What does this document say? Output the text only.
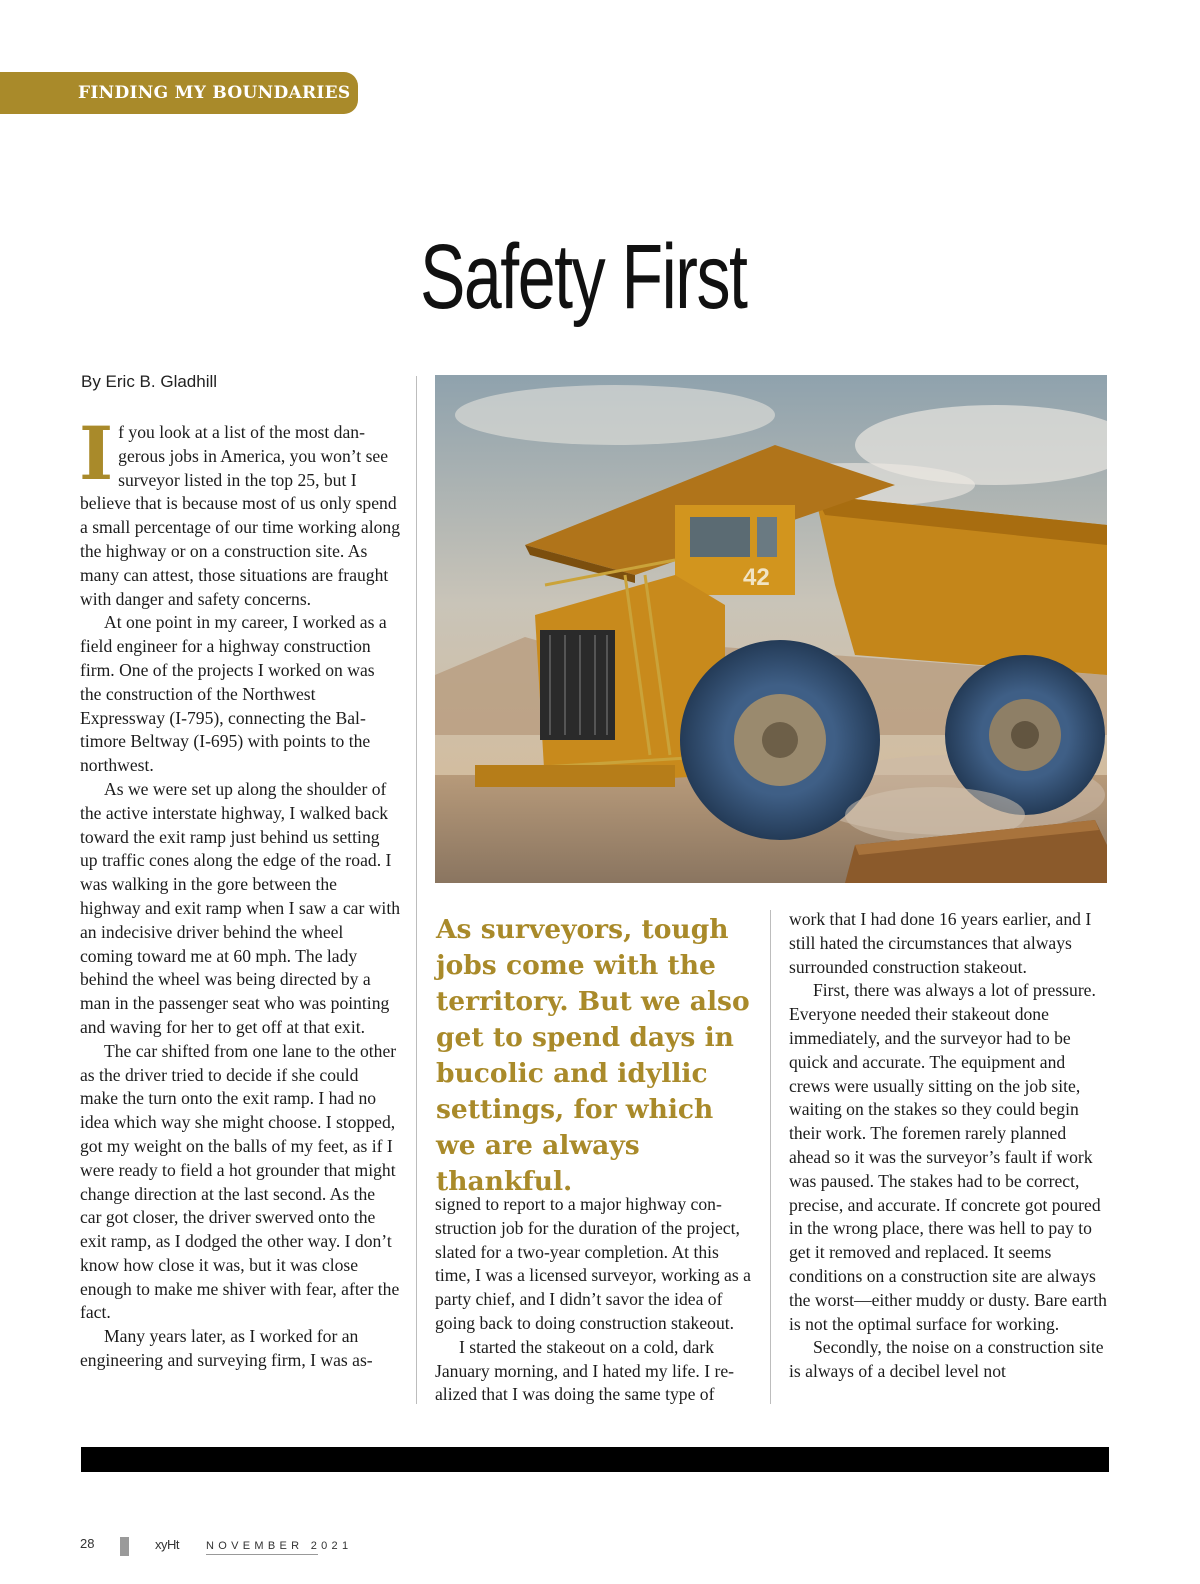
FINDING MY BOUNDARIES
Safety First
By Eric B. Gladhill

If you look at a list of the most dangerous jobs in America, you won’t see surveyor listed in the top 25, but I believe that is because most of us only spend a small percentage of our time working along the highway or on a construction site. As many can attest, those situations are fraught with danger and safety concerns.

At one point in my career, I worked as a field engineer for a highway construction firm. One of the projects I worked on was the construction of the Northwest Expressway (I-795), connecting the Baltimore Beltway (I-695) with points to the northwest.

As we were set up along the shoulder of the active interstate highway, I walked back toward the exit ramp just behind us setting up traffic cones along the edge of the road. I was walking in the gore between the highway and exit ramp when I saw a car with an indecisive driver behind the wheel coming toward me at 60 mph. The lady behind the wheel was being directed by a man in the passenger seat who was pointing and waving for her to get off at that exit.

The car shifted from one lane to the other as the driver tried to decide if she could make the turn onto the exit ramp. I had no idea which way she might choose. I stopped, got my weight on the balls of my feet, as if I were ready to field a hot grounder that might change direction at the last second. As the car got closer, the driver swerved onto the exit ramp, as I dodged the other way. I don’t know how close it was, but it was close enough to make me shiver with fear, after the fact.

Many years later, as I worked for an engineering and surveying firm, I was as-

42
As surveyors, tough jobs come with the territory. But we also get to spend days in bucolic and idyllic settings, for which we are always thankful.

signed to report to a major highway construction job for the duration of the project, slated for a two-year completion. At this time, I was a licensed surveyor, working as a party chief, and I didn’t savor the idea of going back to doing construction stakeout.

I started the stakeout on a cold, dark January morning, and I hated my life. I realized that I was doing the same type of

work that I had done 16 years earlier, and I still hated the circumstances that always surrounded construction stakeout.

First, there was always a lot of pressure. Everyone needed their stakeout done immediately, and the surveyor had to be quick and accurate. The equipment and crews were usually sitting on the job site, waiting on the stakes so they could begin their work. The foremen rarely planned ahead so it was the surveyor’s fault if work was paused. The stakes had to be correct, precise, and accurate. If concrete got poured in the wrong place, there was hell to pay to get it removed and replaced. It seems conditions on a construction site are always the worst—either muddy or dusty. Bare earth is not the optimal surface for working.

Secondly, the noise on a construction site is always of a decibel level not

28	xyHt NOVEMBER 2021
